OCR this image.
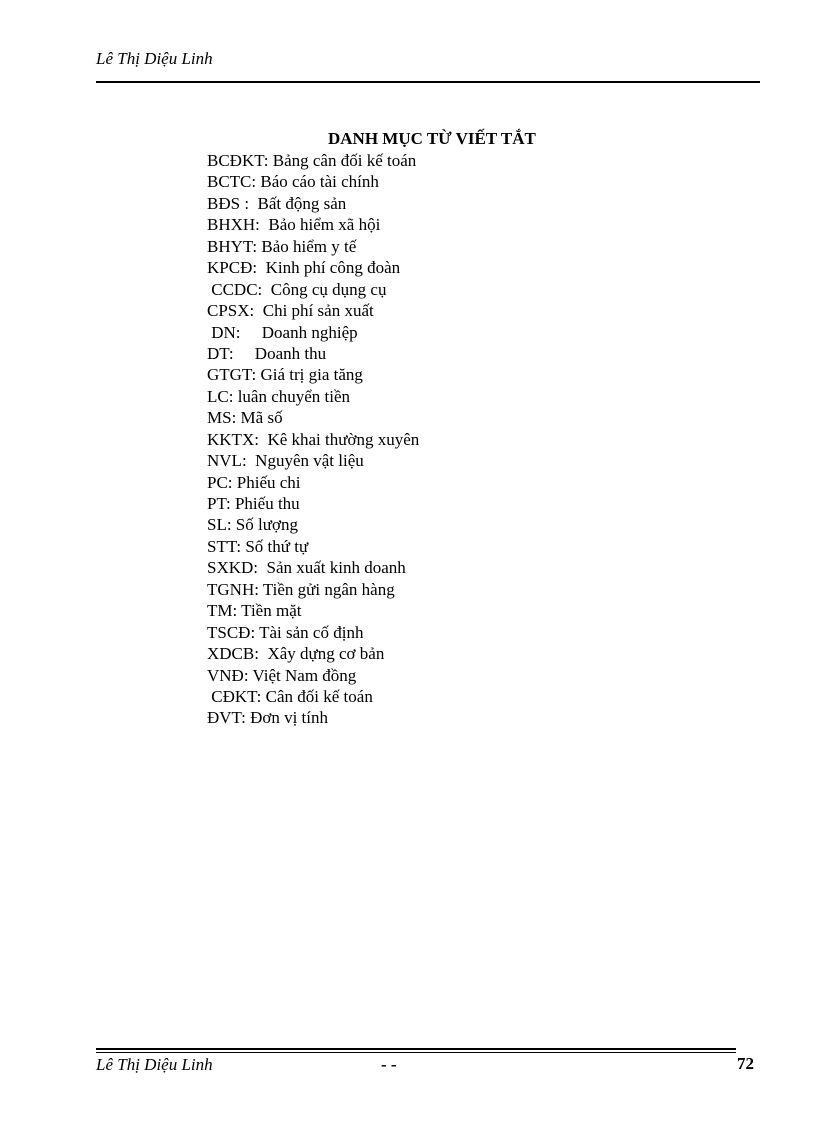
Lê Thị Diệu Linh
DANH MỤC TỪ VIẾT TẮT
BCĐKT: Bảng cân đối kế toán
BCTC: Báo cáo tài chính
BĐS :  Bất động sản
BHXH:  Bảo hiểm xã hội
BHYT: Bảo hiểm y tế
KPCĐ:  Kinh phí công đoàn
CCDC:  Công cụ dụng cụ
CPSX:  Chi phí sản xuất
DN:     Doanh nghiệp
DT:     Doanh thu
GTGT: Giá trị gia tăng
LC: luân chuyển tiền
MS: Mã số
KKTX:  Kê khai thường xuyên
NVL:  Nguyên vật liệu
PC: Phiếu chi
PT: Phiếu thu
SL: Số lượng
STT: Số thứ tự
SXKD:  Sản xuất kinh doanh
TGNH: Tiền gửi ngân hàng
TM: Tiền mặt
TSCĐ: Tài sản cố định
XDCB:  Xây dựng cơ bản
VNĐ: Việt Nam đồng
CĐKT: Cân đối kế toán
ĐVT: Đơn vị tính
Lê Thị Diệu Linh	- -	72
